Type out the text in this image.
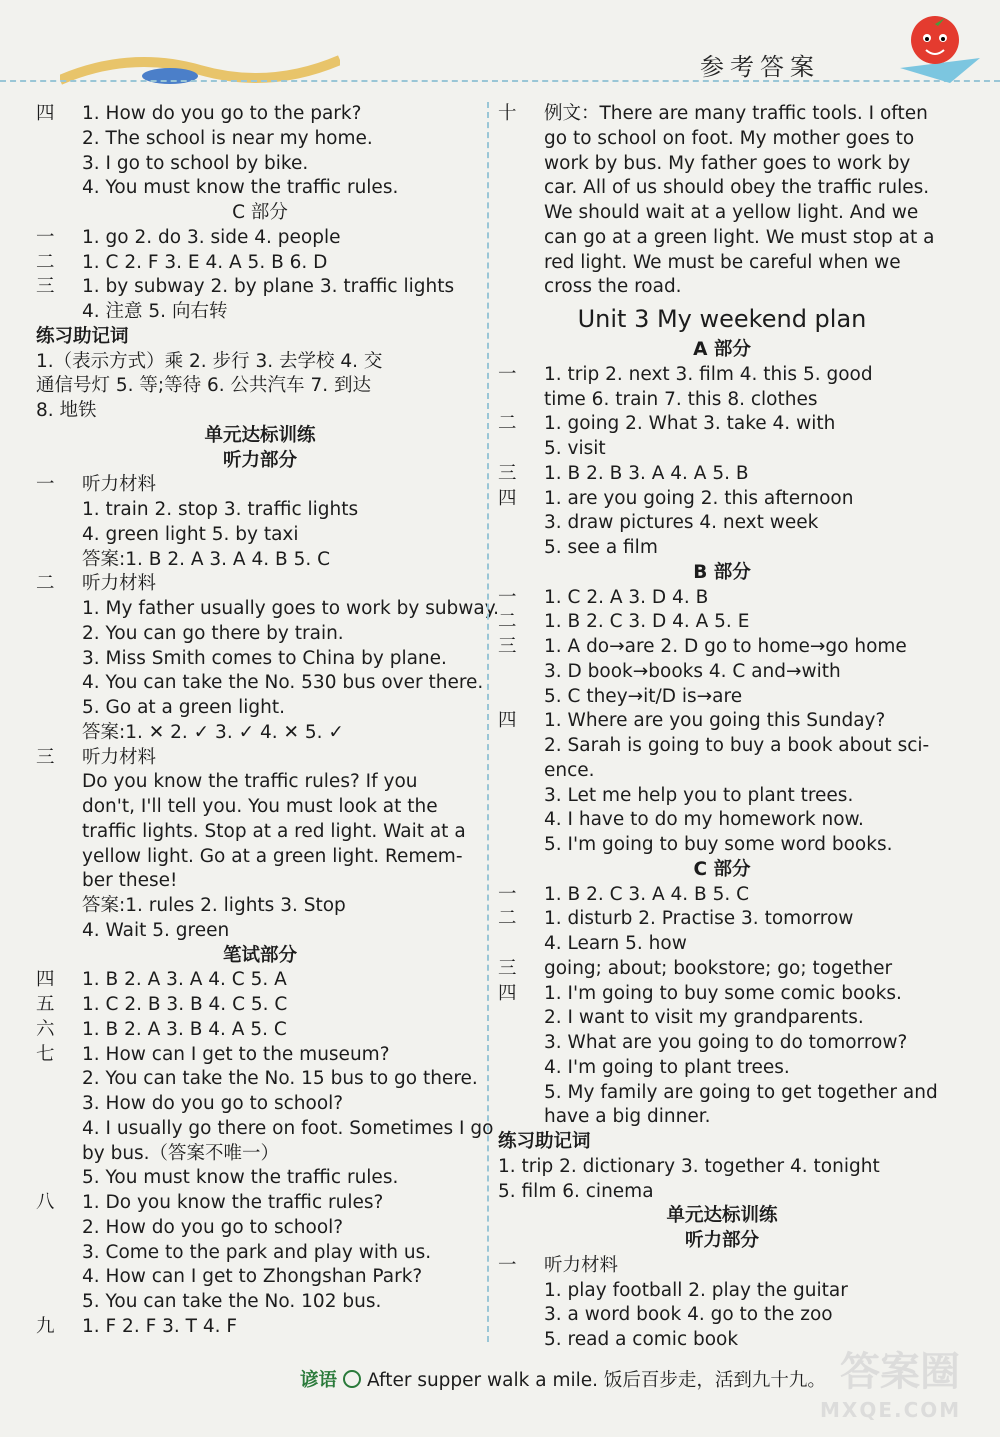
参考答案
四 1. How do you go to the park?
2. The school is near my home.
3. I go to school by bike.
4. You must know the traffic rules.
C 部分
一 1. go 2. do 3. side 4. people
二 1. C 2. F 3. E 4. A 5. B 6. D
三 1. by subway 2. by plane 3. traffic lights
4. 注意 5. 向右转
练习助记词
1.（表示方式）乘 2. 步行 3. 去学校 4. 交
通信号灯 5. 等;等待 6. 公共汽车 7. 到达
8. 地铁
单元达标训练
听力部分
一 听力材料
1. train 2. stop 3. traffic lights
4. green light 5. by taxi
答案:1. B 2. A 3. A 4. B 5. C
二 听力材料
1. My father usually goes to work by subway.
2. You can go there by train.
3. Miss Smith comes to China by plane.
4. You can take the No. 530 bus over there.
5. Go at a green light.
答案:1. ✕ 2. ✓ 3. ✓ 4. ✕ 5. ✓
三 听力材料
Do you know the traffic rules? If you
don't, I'll tell you. You must look at the
traffic lights. Stop at a red light. Wait at a
yellow light. Go at a green light. Remem-
ber these!
答案:1. rules 2. lights 3. Stop
4. Wait 5. green
笔试部分
四 1. B 2. A 3. A 4. C 5. A
五 1. C 2. B 3. B 4. C 5. C
六 1. B 2. A 3. B 4. A 5. C
七 1. How can I get to the museum?
2. You can take the No. 15 bus to go there.
3. How do you go to school?
4. I usually go there on foot. Sometimes I go
by bus.（答案不唯一）
5. You must know the traffic rules.
八 1. Do you know the traffic rules?
2. How do you go to school?
3. Come to the park and play with us.
4. How can I get to Zhongshan Park?
5. You can take the No. 102 bus.
九 1. F 2. F 3. T 4. F
十 例文：There are many traffic tools. I often
go to school on foot. My mother goes to
work by bus. My father goes to work by
car. All of us should obey the traffic rules.
We should wait at a yellow light. And we
can go at a green light. We must stop at a
red light. We must be careful when we
cross the road.
Unit 3 My weekend plan
A 部分
一 1. trip 2. next 3. film 4. this 5. good
time 6. train 7. this 8. clothes
二 1. going 2. What 3. take 4. with
5. visit
三 1. B 2. B 3. A 4. A 5. B
四 1. are you going 2. this afternoon
3. draw pictures 4. next week
5. see a film
B 部分
一 1. C 2. A 3. D 4. B
二 1. B 2. C 3. D 4. A 5. E
三 1. A do→are 2. D go to home→go home
3. D book→books 4. C and→with
5. C they→it/D is→are
四 1. Where are you going this Sunday?
2. Sarah is going to buy a book about sci-
ence.
3. Let me help you to plant trees.
4. I have to do my homework now.
5. I'm going to buy some word books.
C 部分
一 1. B 2. C 3. A 4. B 5. C
二 1. disturb 2. Practise 3. tomorrow
4. Learn 5. how
三 going; about; bookstore; go; together
四 1. I'm going to buy some comic books.
2. I want to visit my grandparents.
3. What are you going to do tomorrow?
4. I'm going to plant trees.
5. My family are going to get together and
have a big dinner.
练习助记词
1. trip 2. dictionary 3. together 4. tonight
5. film 6. cinema
单元达标训练
听力部分
一 听力材料
1. play football 2. play the guitar
3. a word book 4. go to the zoo
5. read a comic book
谚语 After supper walk a mile. 饭后百步走，活到九十九。 答案圈
MXQE.COM
